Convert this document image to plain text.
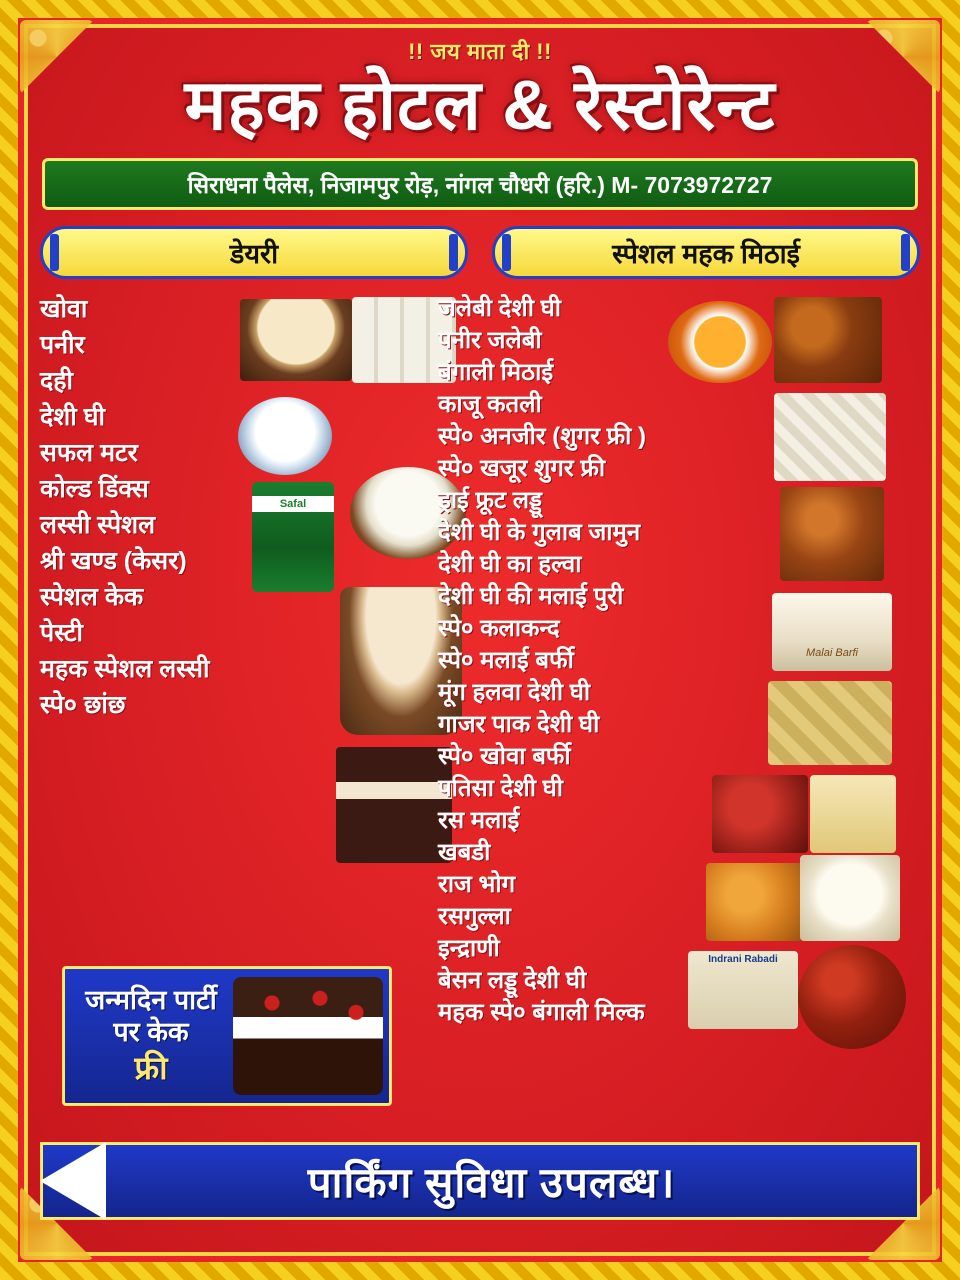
!! जय माता दी !!
महक होटल & रेस्टोरेन्ट
सिराधना पैलेस, निजामपुर रोड़, नांगल चौधरी (हरि.) M- 7073972727
डेयरी	स्पेशल महक मिठाई
Safal
खोवा
पनीर
दही
देशी घी
सफल मटर
कोल्ड डिंक्स
लस्सी स्पेशल
श्री खण्ड (केसर)
स्पेशल केक
पेस्टी
महक स्पेशल लस्सी
स्पे० छांछ
Malai Barfi
Indrani Rabadi
जलेबी देशी घी
पनीर जलेबी
बंगाली मिठाई
काजू कतली
स्पे० अनजीर (शुगर फ्री )
स्पे० खजूर शुगर फ्री
ड्राई फ्रूट लड्डू
देशी घी के गुलाब जामुन
देशी घी का हल्वा
देशी घी की मलाई पुरी
स्पे० कलाकन्द
स्पे० मलाई बर्फी
मूंग हलवा देशी घी
गाजर पाक देशी घी
स्पे० खोवा बर्फी
पतिसा देशी घी
रस मलाई
खबडी
राज भोग
रसगुल्ला
इन्द्राणी
बेसन लड्डू देशी घी
महक स्पे० बंगाली मिल्क
जन्मदिन पार्टी
पर केक
फ्री
पार्किंग सुविधा उपलब्ध।
